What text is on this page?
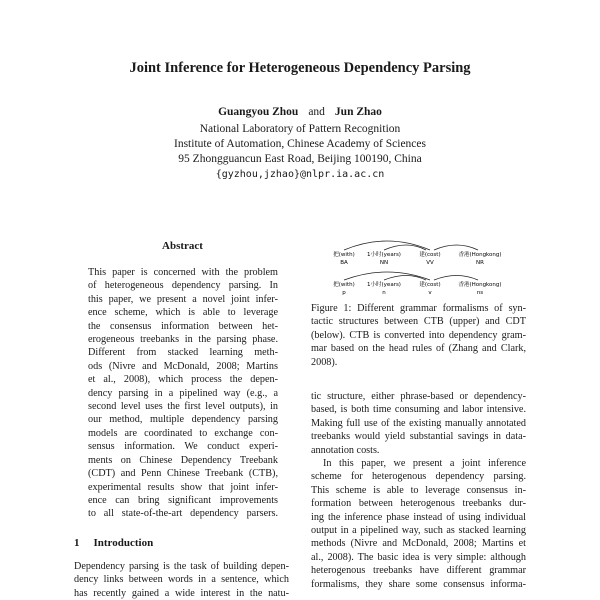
Joint Inference for Heterogeneous Dependency Parsing
Guangyou Zhou and Jun Zhao
National Laboratory of Pattern Recognition
Institute of Automation, Chinese Academy of Sciences
95 Zhongguancun East Road, Beijing 100190, China
{gyzhou,jzhao}@nlpr.ia.ac.cn
Abstract
This paper is concerned with the problem
of heterogeneous dependency parsing. In
this paper, we present a novel joint infer-
ence scheme, which is able to leverage
the consensus information between het-
erogeneous treebanks in the parsing phase.
Different from stacked learning meth-
ods (Nivre and McDonald, 2008; Martins
et al., 2008), which process the depen-
dency parsing in a pipelined way (e.g., a
second level uses the first level outputs), in
our method, multiple dependency parsing
models are coordinated to exchange con-
sensus information. We conduct experi-
ments on Chinese Dependency Treebank
(CDT) and Penn Chinese Treebank (CTB),
experimental results show that joint infer-
ence can bring significant improvements
to all state-of-the-art dependency parsers.
1 Introduction
Dependency parsing is the task of building depen-
dency links between words in a sentence, which
has recently gained a wide interest in the natu-
把(with) 1小时(years)	建(cost)	香港(Hongkong)
BA	NN	VV	NR
把(with) 1小时(years)	建(cost)	香港(Hongkong)
p	n	v	ns
Figure 1: Different grammar formalisms of syn-
tactic structures between CTB (upper) and CDT
(below). CTB is converted into dependency gram-
mar based on the head rules of (Zhang and Clark,
2008).
tic structure, either phrase-based or dependency-
based, is both time consuming and labor intensive.
Making full use of the existing manually annotated
treebanks would yield substantial savings in data-
annotation costs.
In this paper, we present a joint inference
scheme for heterogenous dependency parsing.
This scheme is able to leverage consensus in-
formation between heterogenous treebanks dur-
ing the inference phase instead of using individual
output in a pipelined way, such as stacked learning
methods (Nivre and McDonald, 2008; Martins et
al., 2008). The basic idea is very simple: although
heterogenous treebanks have different grammar
formalisms, they share some consensus informa-
